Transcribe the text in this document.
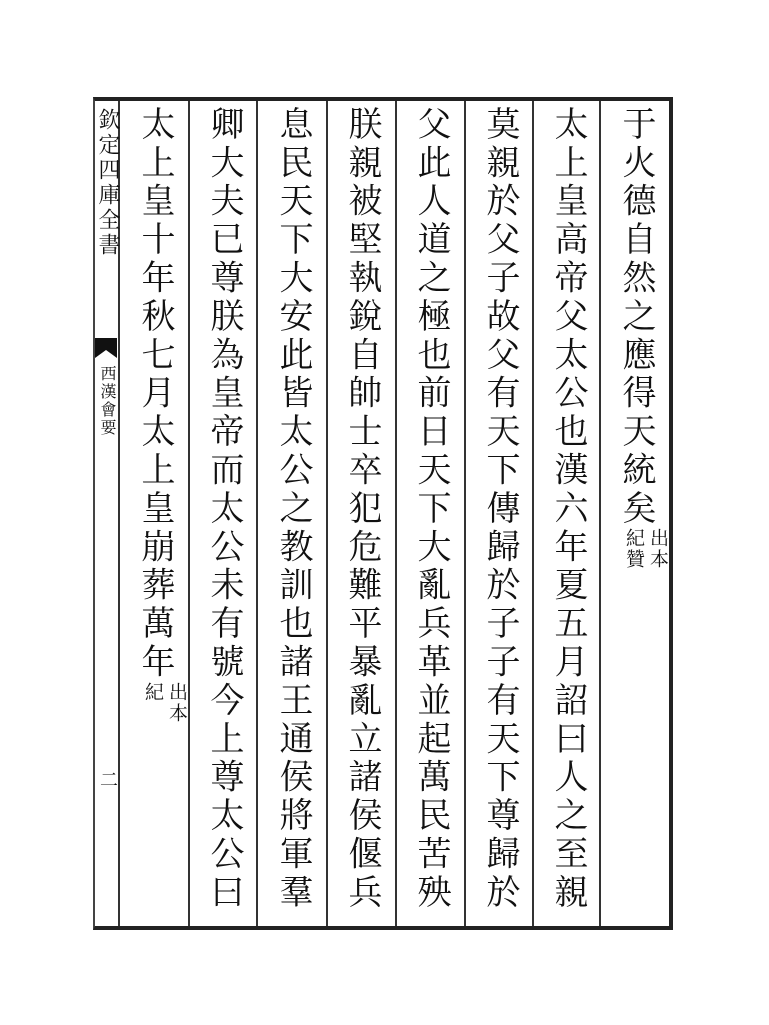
欽定四庫全書
西漢會要
二
于火德自然之應得天統矣
出本
紀贊
太上皇高帝父太公也漢六年夏五月詔曰人之至親
莫親於父子故父有天下傳歸於子子有天下尊歸於
父此人道之極也前日天下大亂兵革並起萬民苦殃
朕親被堅執銳自帥士卒犯危難平暴亂立諸侯偃兵
息民天下大安此皆太公之教訓也諸王通侯將軍羣
卿大夫已尊朕為皇帝而太公未有號今上尊太公曰
太上皇十年秋七月太上皇崩葬萬年
出本
紀
